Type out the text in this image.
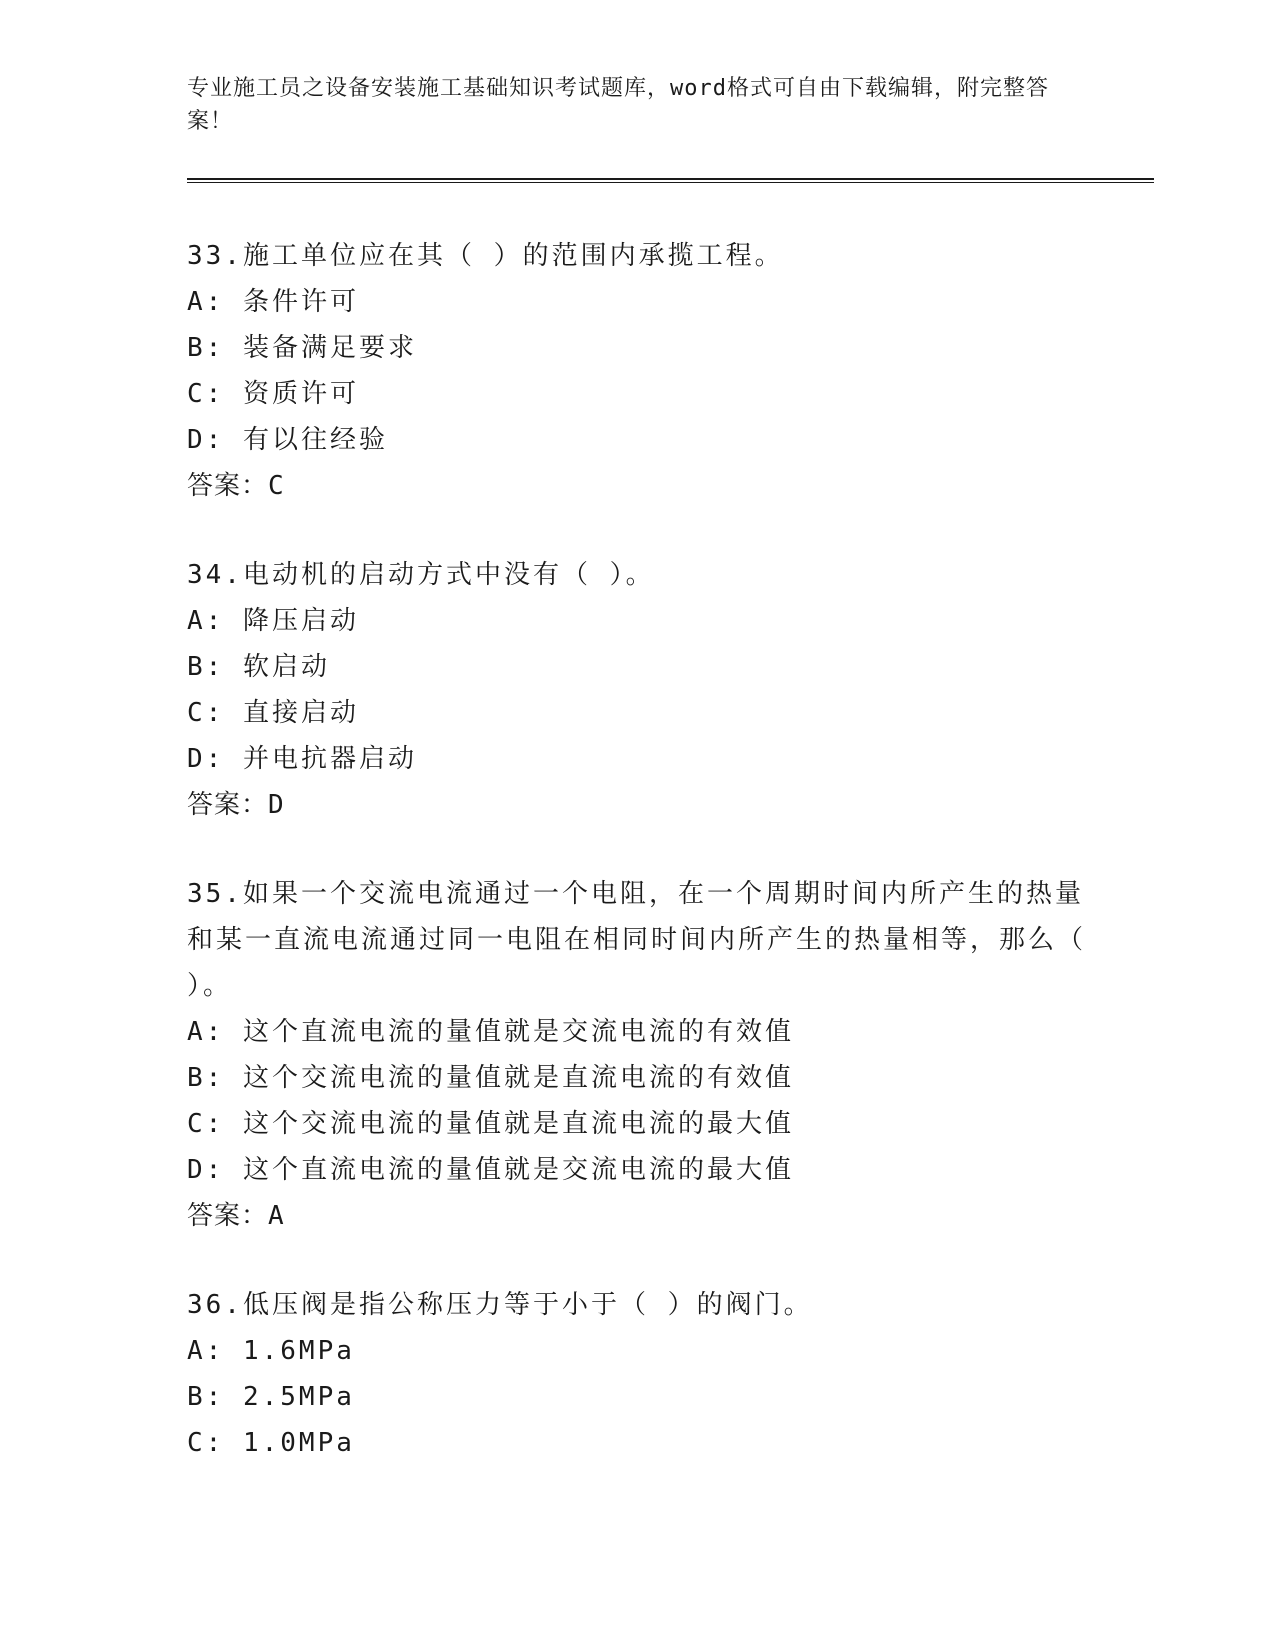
专业施工员之设备安装施工基础知识考试题库，word格式可自由下载编辑，附完整答案！
33.施工单位应在其（ ）的范围内承揽工程。
A: 条件许可
B: 装备满足要求
C: 资质许可
D: 有以往经验
答案：C
34.电动机的启动方式中没有（ ）。
A: 降压启动
B: 软启动
C: 直接启动
D: 并电抗器启动
答案：D
35.如果一个交流电流通过一个电阻，在一个周期时间内所产生的热量和某一直流电流通过同一电阻在相同时间内所产生的热量相等，那么（ ）。
A: 这个直流电流的量值就是交流电流的有效值
B: 这个交流电流的量值就是直流电流的有效值
C: 这个交流电流的量值就是直流电流的最大值
D: 这个直流电流的量值就是交流电流的最大值
答案：A
36.低压阀是指公称压力等于小于（ ）的阀门。
A: 1.6MPa
B: 2.5MPa
C: 1.0MPa
